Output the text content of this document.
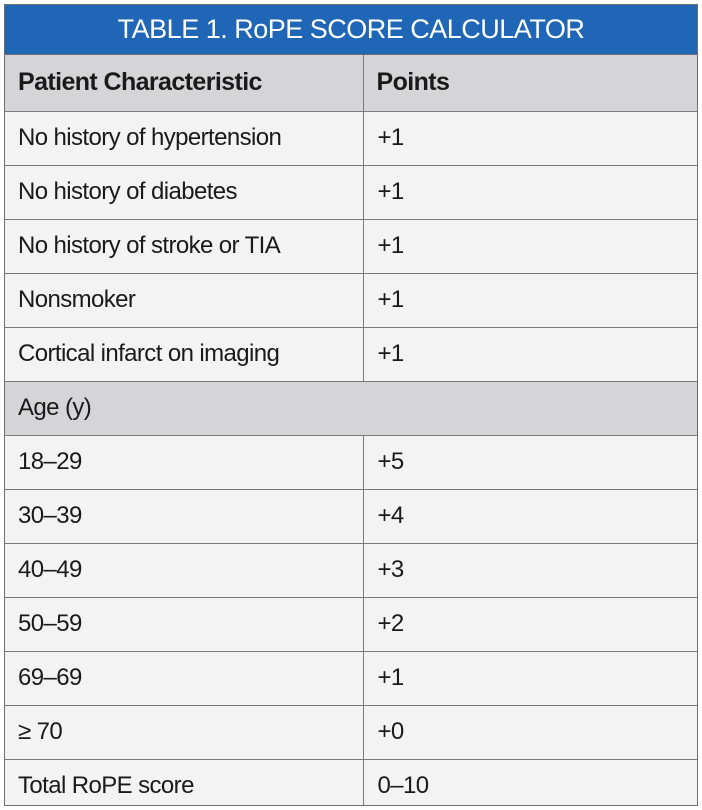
TABLE 1. RoPE SCORE CALCULATOR
Patient Characteristic	Points
No history of hypertension	+1
No history of diabetes	+1
No history of stroke or TIA	+1
Nonsmoker	+1
Cortical infarct on imaging	+1
Age (y)	
18–29	+5
30–39	+4
40–49	+3
50–59	+2
69–69	+1
≥ 70	+0
Total RoPE score	0–10
